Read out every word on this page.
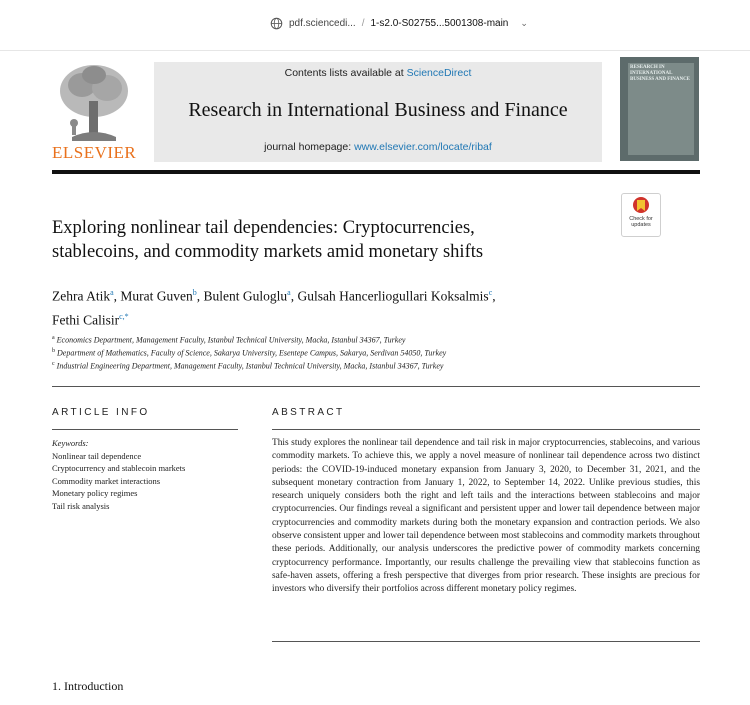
pdf.sciencedi... / 1-s2.0-S02755...5001308-main ⌄
ELSEVIER
Contents lists available at ScienceDirect
Research in International Business and Finance
journal homepage: www.elsevier.com/locate/ribaf
RESEARCH IN INTERNATIONAL BUSINESS AND FINANCE
Check for updates
Exploring nonlinear tail dependencies: Cryptocurrencies,
stablecoins, and commodity markets amid monetary shifts
Zehra Atik$^a$, Murat Guven$^b$, Bulent Guloglu$^a$, Gulsah Hancerliogullari Koksalmis$^c$,
Fethi Calisir$^{c,*}$
$^a$ Economics Department, Management Faculty, Istanbul Technical University, Macka, Istanbul 34367, Turkey
$^b$ Department of Mathematics, Faculty of Science, Sakarya University, Esentepe Campus, Sakarya, Serdivan 54050, Turkey
$^c$ Industrial Engineering Department, Management Faculty, Istanbul Technical University, Macka, Istanbul 34367, Turkey
ARTICLE INFO
Keywords:
Nonlinear tail dependence
Cryptocurrency and stablecoin markets
Commodity market interactions
Monetary policy regimes
Tail risk analysis
ABSTRACT
This study explores the nonlinear tail dependence and tail risk in major cryptocurrencies, stablecoins, and various commodity markets. To achieve this, we apply a novel measure of nonlinear tail dependence across two distinct periods: the COVID-19-induced monetary expansion from January 3, 2020, to December 31, 2021, and the subsequent monetary contraction from January 1, 2022, to September 14, 2022. Unlike previous studies, this research uniquely considers both the right and left tails and the interactions between stablecoins and major cryptocurrencies. Our findings reveal a significant and persistent upper and lower tail dependence between major cryptocurrencies and commodity markets during both the monetary expansion and contraction periods. We also observe consistent upper and lower tail dependence between most stablecoins and commodity markets throughout these periods. Additionally, our analysis underscores the predictive power of commodity markets concerning cryptocurrency performance. Importantly, our results challenge the prevailing view that stablecoins function as safe-haven assets, offering a fresh perspective that diverges from prior research. These insights are precious for investors who diversify their portfolios across different monetary policy regimes.
1. Introduction
